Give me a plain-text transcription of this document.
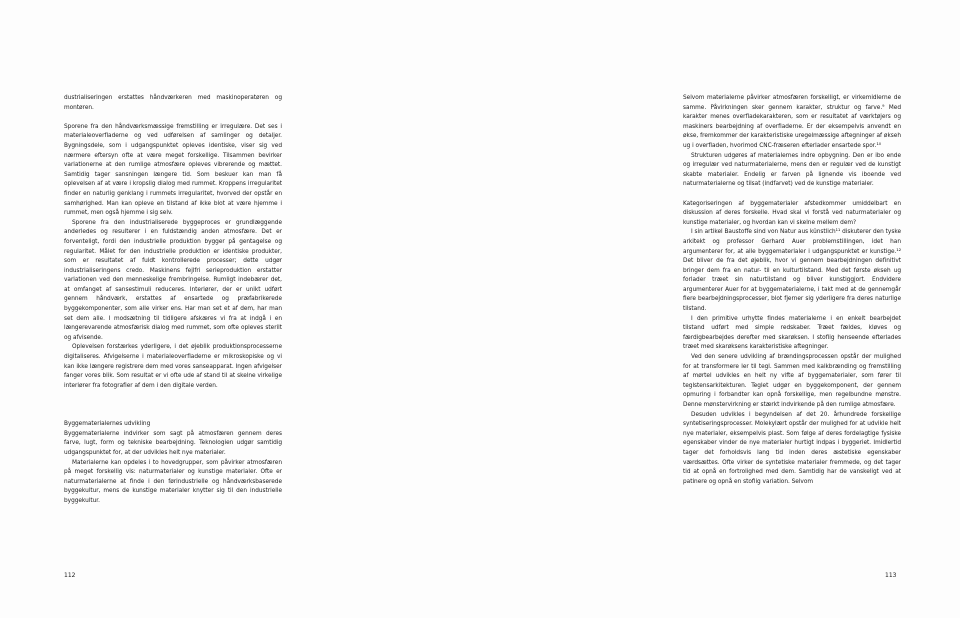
dustrialiseringen erstattes håndværkeren med maskinoperatøren og montøren.

Sporene fra den håndværksmæssige fremstilling er irregulære. Det ses i materialeoverfladerne og ved udførelsen af samlinger og detaljer. Bygningsdele, som i udgangspunktet opleves identiske, viser sig ved nærmere eftersyn ofte at være meget forskellige. Tilsammen bevirker variationerne at den rumlige atmosfære opleves vibrerende og mættet. Samtidig tager sansningen længere tid. Som beskuer kan man få oplevelsen af at være i kropslig dialog med rummet. Kroppens irregularitet finder en naturlig genklang i rummets irregularitet, hvorved der opstår en samhørighed. Man kan opleve en tilstand af ikke blot at være hjemme i rummet, men også hjemme i sig selv.

Sporene fra den industrialiserede byggeproces er grundlæggende anderledes og resulterer i en fuldstændig anden atmosfære. Det er forventeligt, fordi den industrielle produktion bygger på gentagelse og regularitet. Målet for den industrielle produktion er identiske produkter, som er resultatet af fuldt kontrollerede processer; dette udgør industrialiseringens credo. Maskinens fejlfri serieproduktion erstatter variationen ved den menneskelige frembringelse. Rumligt indebærer det, at omfanget af sansestimuli reduceres. Interiører, der er unikt udført gennem håndværk, erstattes af ensartede og præfabrikerede byggekomponenter, som alle virker ens. Har man set et af dem, har man set dem alle. I modsætning til tidligere afskæres vi fra at indgå i en længerevarende atmosfærisk dialog med rummet, som ofte opleves sterilt og afvisende.

Oplevelsen forstærkes yderligere, i det øjeblik produktionsprocesserne digitaliseres. Afvigelserne i materialeoverfladerne er mikroskopiske og vi kan ikke længere registrere dem med vores sanseapparat. Ingen afvigelser fanger vores blik. Som resultat er vi ofte ude af stand til at skelne virkelige interiører fra fotografier af dem i den digitale verden.

Byggematerialernes udvikling

Byggematerialerne indvirker som sagt på atmosfæren gennem deres farve, lugt, form og tekniske bearbejdning. Teknologien udgør samtidig udgangspunktet for, at der udvikles helt nye materialer.

Materialerne kan opdeles i to hovedgrupper, som påvirker atmosfæren på meget forskellig vis: naturmaterialer og kunstige materialer. Ofte er naturmaterialerne at finde i den førindustrielle og håndværksbaserede byggekultur, mens de kunstige materialer knytter sig til den industrielle byggekultur.

112

Selvom materialerne påvirker atmosfæren forskelligt, er virkemidlerne de samme. Påvirkningen sker gennem karakter, struktur og farve.⁹ Med karakter menes overfladekarakteren, som er resultatet af værktøjers og maskiners bearbejdning af overfladerne. Er der eksempelvis anvendt en økse, fremkommer der karakteristiske uregelmæssige aftegninger af økseh ug i overfladen, hvorimod CNC-fræseren efterlader ensartede spor.¹⁰

Strukturen udgøres af materialernes indre opbygning. Den er ibo ende og irregulær ved naturmaterialerne, mens den er regulær ved de kunstigt skabte materialer. Endelig er farven på lignende vis iboende ved naturmaterialerne og tilsat (indfarvet) ved de kunstige materialer.

Kategoriseringen af byggematerialer afstedkommer umiddelbart en diskussion af deres forskelle. Hvad skal vi forstå ved naturmaterialer og kunstige materialer, og hvordan kan vi skelne mellem dem?

I sin artikel Baustoffe sind von Natur aus künstlich¹¹ diskuterer den tyske arkitekt og professor Gerhard Auer problemstillingen, idet han argumenterer for, at alle byggematerialer i udgangspunktet er kunstige.¹² Det bliver de fra det øjeblik, hvor vi gennem bearbejdningen definitivt bringer dem fra en natur- til en kulturtilstand. Med det første økseh ug forlader træet sin naturtilstand og bliver kunstiggjort. Endvidere argumenterer Auer for at byggematerialerne, i takt med at de gennemgår flere bearbejdningsprocesser, blot fjerner sig yderligere fra deres naturlige tilstand.

I den primitive urhytte findes materialerne i en enkelt bearbejdet tilstand udført med simple redskaber. Træet fældes, kløves og færdigbearbejdes derefter med skarøksen. I stoflig henseende efterlades træet med skarøksens karakteristiske aftegninger.

Ved den senere udvikling af brændingsprocessen opstår der mulighed for at transformere ler til tegl. Sammen med kalkbrænding og fremstilling af mørtel udvikles en helt ny vifte af byggematerialer, som fører til teglstensarkitekturen. Teglet udgør en byggekomponent, der gennem opmuring i forbandter kan opnå forskellige, men regelbundne mønstre. Denne mønstervirkning er stærkt indvirkende på den rumlige atmosfære.

Desuden udvikles i begyndelsen af det 20. århundrede forskellige syntetiseringsprocesser. Molekylært opstår der mulighed for at udvikle helt nye materialer, eksempelvis plast. Som følge af deres fordelagtige fysiske egenskaber vinder de nye materialer hurtigt indpas i byggeriet. Imidlertid tager det forholdsvis lang tid inden deres æstetiske egenskaber værdsættes. Ofte virker de syntetiske materialer fremmede, og det tager tid at opnå en fortrolighed med dem. Samtidig har de vanskeligt ved at patinere og opnå en stoflig variation. Selvom

113
